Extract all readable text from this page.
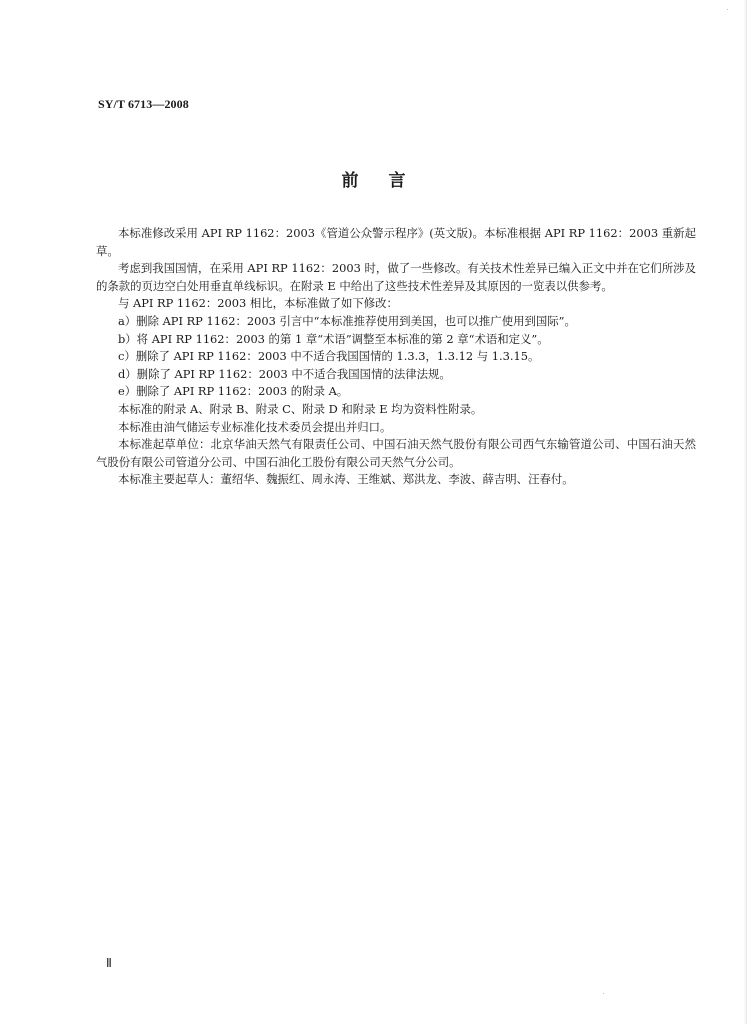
SY/T 6713—2008
前 言

本标准修改采用 API RP 1162：2003《管道公众警示程序》(英文版)。本标准根据 API RP 1162：2003 重新起草。

考虑到我国国情，在采用 API RP 1162：2003 时，做了一些修改。有关技术性差异已编入正文中并在它们所涉及的条款的页边空白处用垂直单线标识。在附录 E 中给出了这些技术性差异及其原因的一览表以供参考。

与 API RP 1162：2003 相比，本标准做了如下修改：

a）删除 API RP 1162：2003 引言中“本标准推荐使用到美国，也可以推广使用到国际”。

b）将 API RP 1162：2003 的第 1 章“术语”调整至本标准的第 2 章“术语和定义”。

c）删除了 API RP 1162：2003 中不适合我国国情的 1.3.3，1.3.12 与 1.3.15。

d）删除了 API RP 1162：2003 中不适合我国国情的法律法规。

e）删除了 API RP 1162：2003 的附录 A。

本标准的附录 A、附录 B、附录 C、附录 D 和附录 E 均为资料性附录。

本标准由油气储运专业标准化技术委员会提出并归口。

本标准起草单位：北京华油天然气有限责任公司、中国石油天然气股份有限公司西气东输管道公司、中国石油天然气股份有限公司管道分公司、中国石油化工股份有限公司天然气分公司。

本标准主要起草人：董绍华、魏振红、周永涛、王维斌、郑洪龙、李波、薛吉明、汪春付。

Ⅱ
